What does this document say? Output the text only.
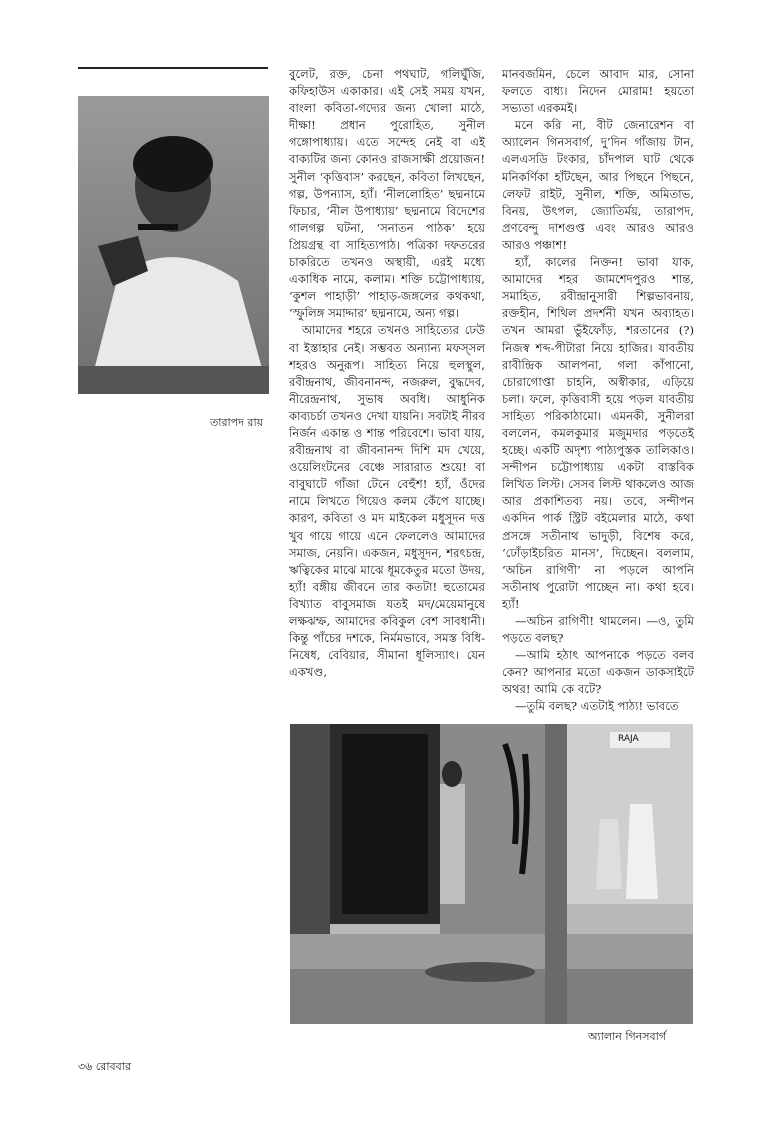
তারাপদ রায়

বুলেট, রক্ত, চেনা পথঘাট, গলিঘুঁজি, কফিহাউস একাকার। এই সেই সময় যখন, বাংলা কবিতা-গদ্যের জন্য খোলা মাঠে, দীক্ষা! প্রধান পুরোহিত, সুনীল গঙ্গোপাধ্যায়। এতে সন্দেহ নেই বা এই বাক্যটির জন্য কোনও রাজসাক্ষী প্রয়োজন! সুনীল ‘কৃত্তিবাস’ করছেন, কবিতা লিখছেন, গল্প, উপন্যাস, হ্যাঁ। ‘নীললোহিত’ ছদ্মনামে ফিচার, ‘নীল উপাধ্যায়’ ছদ্মনামে বিদেশের গালগল্প ঘটনা, ‘সনাতন পাঠক’ হয়ে প্রিয়গ্রন্থ বা সাহিত্যপাঠ। পত্রিকা দফতরের চাকরিতে তখনও অস্থায়ী, এরই মধ্যে একাধিক নামে, কলাম। শক্তি চট্টোপাধ্যায়, ‘কুশল পাহাড়ী’ পাহাড়-জঙ্গলের কথকথা, ‘স্ফুলিঙ্গ সমাদ্দার’ ছদ্মনামে, অন্য গল্প।

আমাদের শহরে তখনও সাহিত্যের ঢেউ বা ইস্তাহার নেই। সম্ভবত অন্যান্য মফস্সল শহরও অনুরূপ। সাহিত্য নিয়ে হুলস্থুল, রবীন্দ্রনাথ, জীবনানন্দ, নজরুল, বুদ্ধদেব, নীরেন্দ্রনাথ, সুভাষ অবধি। আধুনিক কাব্যচর্চা তখনও দেখা যায়নি। সবটাই নীরব নির্জন একান্ত ও শান্ত পরিবেশে। ভাবা যায়, রবীন্দ্রনাথ বা জীবনানন্দ দিশি মদ খেয়ে, ওয়েলিংটনের বেঞ্চে সারারাত শুয়ে! বা বাবুঘাটে গাঁজা টেনে বেহুঁশ! হ্যাঁ, ওঁদের নামে লিখতে গিয়েও কলম কেঁপে যাচ্ছে। কারণ, কবিতা ও মদ মাইকেল মধুসূদন দত্ত খুব গায়ে গায়ে এনে ফেললেও আমাদের সমাজ, নেয়নি। একজন, মধুসূদন, শরৎচন্দ্র, ঋত্বিকের মাঝে মাঝে ধূমকেতুর মতো উদয়, হ্যাঁ! বঙ্গীয় জীবনে তার কতটা! হুতোমের বিখ্যাত বাবুসমাজ যতই মদ/মেয়েমানুষে লক্ষঝম্ফ, আমাদের কবিকুল বেশ সাবধানী। কিন্তু পাঁচের দশকে, নির্মমভাবে, সমস্ত বিধি-নিষেধ, বেবিয়ার, সীমানা ধূলিস্যাৎ। যেন একখণ্ড,

মানবজমিন, চেলে আবাদ মার, সোনা ফলতে বাধ্য। নিদেন মোরাম! হয়তো সভ্যতা এরকমই।

মনে করি না, বীট জেনারেশন বা অ্যালেন গিনসবার্গ, দু’দিন গাঁজায় টান, এলএসডি টংকার, চাঁদপাল ঘাট থেকে মনিকর্ণিকা হাঁটছেন, আর পিছনে পিছনে, লেফট রাইট, সুনীল, শক্তি, অমিতাভ, বিনয়, উৎপল, জ্যোতির্ময়, তারাপদ, প্রণবেন্দু দাশগুপ্ত এবং আরও আরও আরও পঞ্চাশ!

হ্যাঁ, কালের নিক্তন! ভাবা যাক, আমাদের শহর জামশেদপুরও শান্ত, সমাহিত, রবীন্দ্রানুসারী শিল্পভাবনায়, রক্তহীন, শিথিল প্রদর্শনী যখন অব্যাহত। তখন আমরা ভুঁইফোঁড়, শরতানের (?) নিজস্ব শব্দ-পীটারা নিয়ে হাজির। যাবতীয় রাবীন্দ্রিক আলপনা, গলা কাঁপানো, চোরাগোপ্তা চাহনি, অস্বীকার, এড়িয়ে চলা। ফলে, কৃত্তিবাসী হয়ে পড়ল যাবতীয় সাহিত্য পরিকাঠামো। এমনকী, সুনীলরা বললেন, কমলকুমার মজুমদার পড়তেই হচ্ছে। একটি অদৃশ্য পাঠ্যপুস্তক তালিকাও। সন্দীপন চট্টোপাধ্যায় একটা বাস্তবিক লিখিত লিস্ট। সেসব লিস্ট থাকলেও আজ আর প্রকাশিতব্য নয়। তবে, সন্দীপন একদিন পার্ক স্ট্রিট বইমেলার মাঠে, কথা প্রসঙ্গে সতীনাথ ভাদুড়ী, বিশেষ করে, ‘ঢোঁড়াইচরিত মানস’, দিচ্ছেন। বললাম, ‘অচিন রাগিণী’ না পড়লে আপনি সতীনাথ পুরোটা পাচ্ছেন না। কথা হবে। হ্যাঁ!

—অচিন রাগিণী! থামলেন। —ও, তুমি পড়তে বলছ?

—আমি হঠাৎ আপনাকে পড়তে বলব কেন? আপনার মতো একজন ডাকসাইটে অথর! আমি কে বটে?

—তুমি বলছ? এতটাই পাঠ্য! ভাবতে

RAJA
অ্যালান গিনসবার্গ
৩৬ রোববার
